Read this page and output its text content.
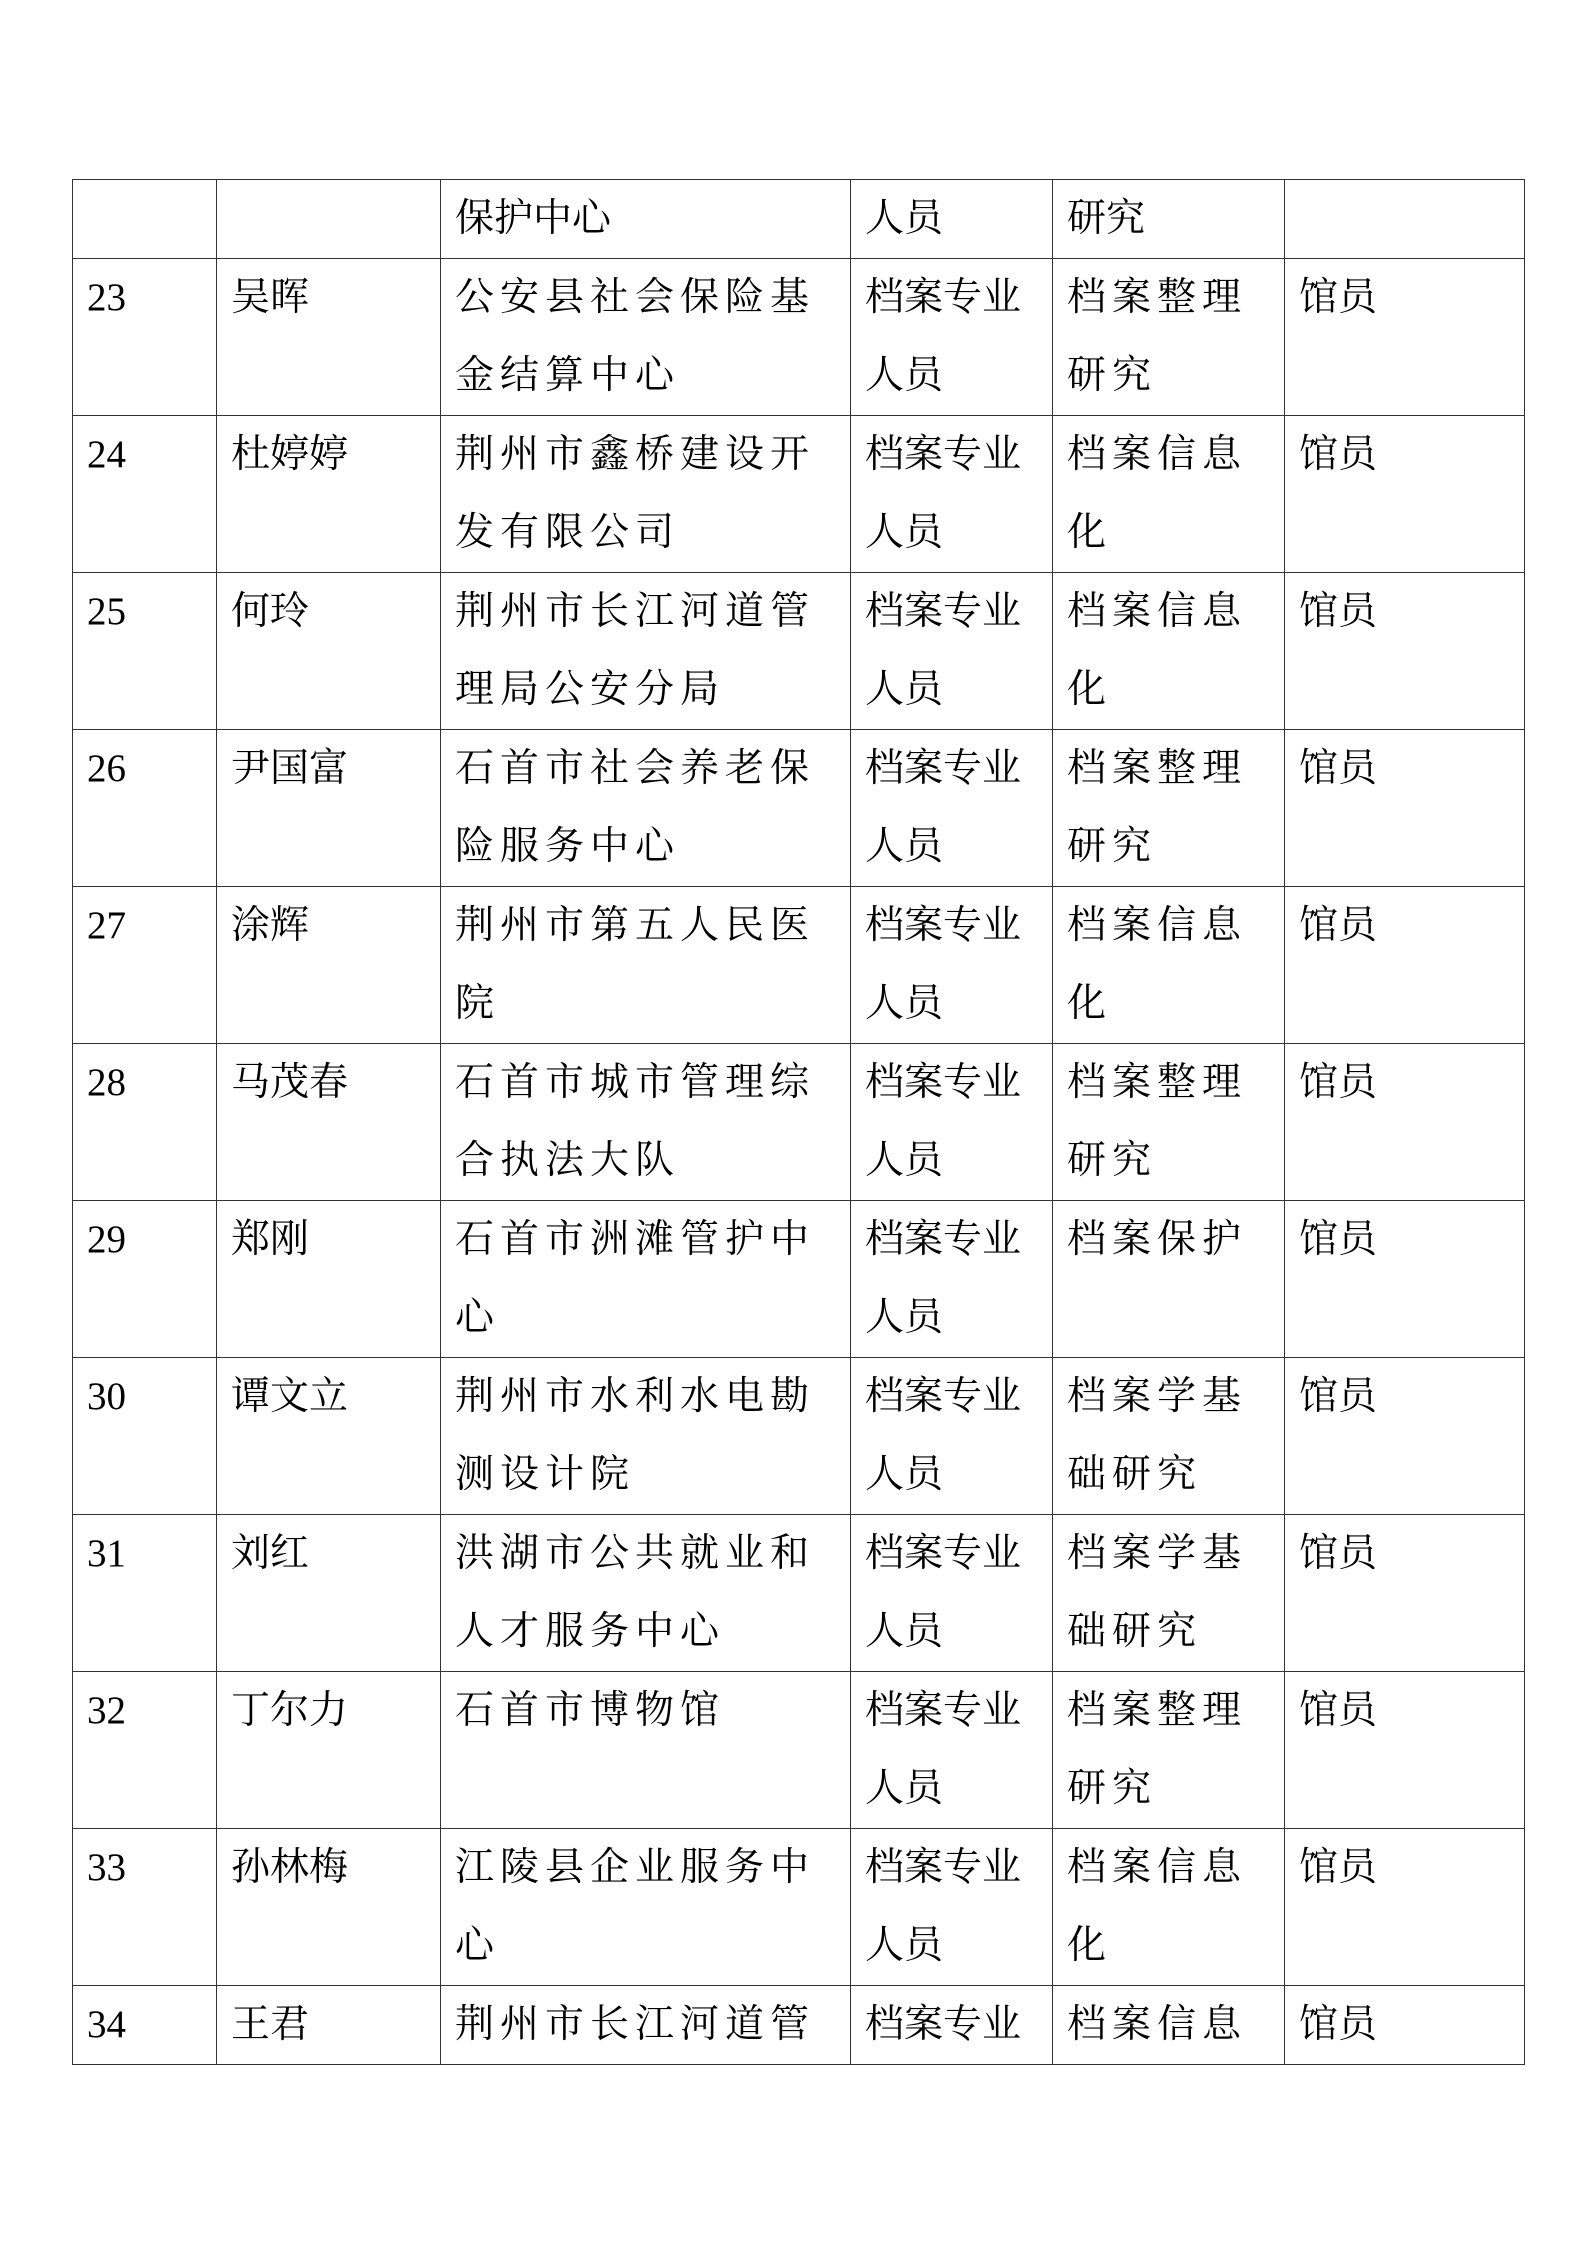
		保护中心	人员	研究	
23	吴晖	公安县社会保险基金结算中心	档案专业人员	档案整理研究	馆员
24	杜婷婷	荆州市鑫桥建设开发有限公司	档案专业人员	档案信息化	馆员
25	何玲	荆州市长江河道管理局公安分局	档案专业人员	档案信息化	馆员
26	尹国富	石首市社会养老保险服务中心	档案专业人员	档案整理研究	馆员
27	涂辉	荆州市第五人民医院	档案专业人员	档案信息化	馆员
28	马茂春	石首市城市管理综合执法大队	档案专业人员	档案整理研究	馆员
29	郑刚	石首市洲滩管护中心	档案专业人员	档案保护	馆员
30	谭文立	荆州市水利水电勘测设计院	档案专业人员	档案学基础研究	馆员
31	刘红	洪湖市公共就业和人才服务中心	档案专业人员	档案学基础研究	馆员
32	丁尔力	石首市博物馆	档案专业人员	档案整理研究	馆员
33	孙林梅	江陵县企业服务中心	档案专业人员	档案信息化	馆员
34	王君	荆州市长江河道管	档案专业	档案信息	馆员
